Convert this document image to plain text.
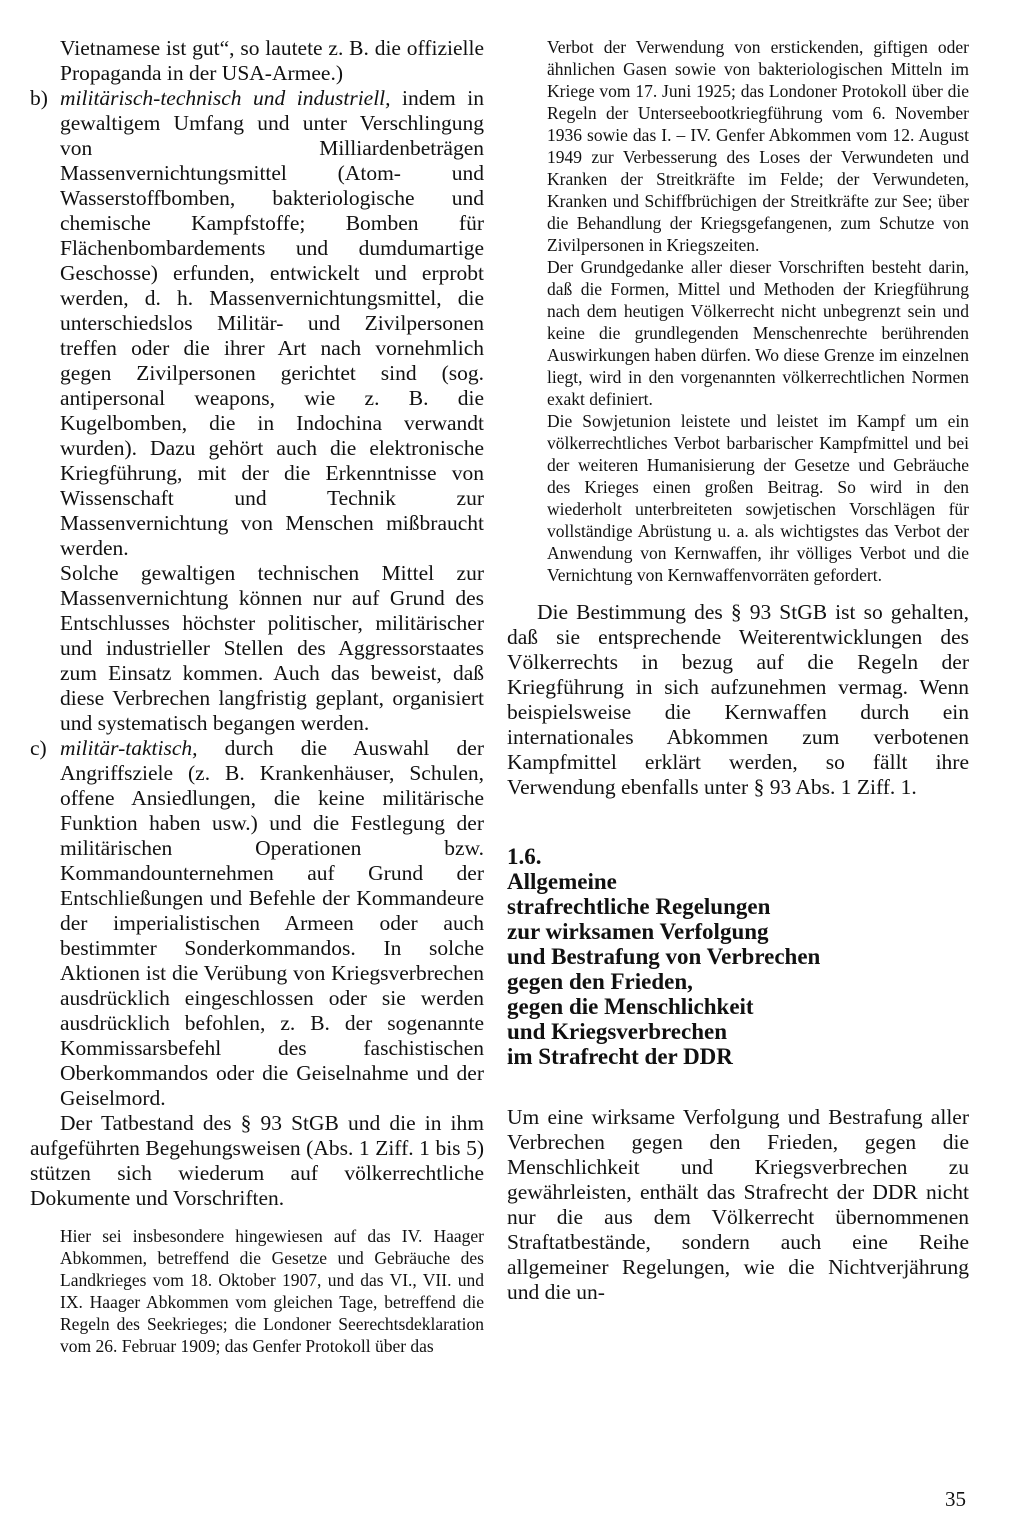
Vietnamese ist gut“, so lautete z. B. die offizielle Propaganda in der USA-Armee.)

b) militärisch-technisch und industriell, indem in gewaltigem Umfang und unter Verschlingung von Milliardenbeträgen Massenvernichtungsmittel (Atom- und Wasserstoffbomben, bakteriologische und chemische Kampfstoffe; Bomben für Flächenbombardements und dumdumartige Geschosse) erfunden, entwickelt und erprobt werden, d. h. Massenvernichtungsmittel, die unterschiedslos Militär- und Zivilpersonen treffen oder die ihrer Art nach vornehmlich gegen Zivilpersonen gerichtet sind (sog. antipersonal weapons, wie z. B. die Kugelbomben, die in Indochina verwandt wurden). Dazu gehört auch die elektronische Kriegführung, mit der die Erkenntnisse von Wissenschaft und Technik zur Massenvernichtung von Menschen mißbraucht werden.

Solche gewaltigen technischen Mittel zur Massenvernichtung können nur auf Grund des Entschlusses höchster politischer, militärischer und industrieller Stellen des Aggressorstaates zum Einsatz kommen. Auch das beweist, daß diese Verbrechen langfristig geplant, organisiert und systematisch begangen werden.

c) militär-taktisch, durch die Auswahl der Angriffsziele (z. B. Krankenhäuser, Schulen, offene Ansiedlungen, die keine militärische Funktion haben usw.) und die Festlegung der militärischen Operationen bzw. Kommandounternehmen auf Grund der Entschließungen und Befehle der Kommandeure der imperialistischen Armeen oder auch bestimmter Sonderkommandos. In solche Aktionen ist die Verübung von Kriegsverbrechen ausdrücklich eingeschlossen oder sie werden ausdrücklich befohlen, z. B. der sogenannte Kommissarsbefehl des faschistischen Oberkommandos oder die Geiselnahme und der Geiselmord.

Der Tatbestand des § 93 StGB und die in ihm aufgeführten Begehungsweisen (Abs. 1 Ziff. 1 bis 5) stützen sich wiederum auf völkerrechtliche Dokumente und Vorschriften.

Hier sei insbesondere hingewiesen auf das IV. Haager Abkommen, betreffend die Gesetze und Gebräuche des Landkrieges vom 18. Oktober 1907, und das VI., VII. und IX. Haager Abkommen vom gleichen Tage, betreffend die Regeln des Seekrieges; die Londoner Seerechtsdeklaration vom 26. Februar 1909; das Genfer Protokoll über das

Verbot der Verwendung von erstickenden, giftigen oder ähnlichen Gasen sowie von bakteriologischen Mitteln im Kriege vom 17. Juni 1925; das Londoner Protokoll über die Regeln der Unterseebootkriegführung vom 6. November 1936 sowie das I. – IV. Genfer Abkommen vom 12. August 1949 zur Verbesserung des Loses der Verwundeten und Kranken der Streitkräfte im Felde; der Verwundeten, Kranken und Schiffbrüchigen der Streitkräfte zur See; über die Behandlung der Kriegsgefangenen, zum Schutze von Zivilpersonen in Kriegszeiten.

Der Grundgedanke aller dieser Vorschriften besteht darin, daß die Formen, Mittel und Methoden der Kriegführung nach dem heutigen Völkerrecht nicht unbegrenzt sein und keine die grundlegenden Menschenrechte berührenden Auswirkungen haben dürfen. Wo diese Grenze im einzelnen liegt, wird in den vorgenannten völkerrechtlichen Normen exakt definiert.

Die Sowjetunion leistete und leistet im Kampf um ein völkerrechtliches Verbot barbarischer Kampfmittel und bei der weiteren Humanisierung der Gesetze und Gebräuche des Krieges einen großen Beitrag. So wird in den wiederholt unterbreiteten sowjetischen Vorschlägen für vollständige Abrüstung u. a. als wichtigstes das Verbot der Anwendung von Kernwaffen, ihr völliges Verbot und die Vernichtung von Kernwaffenvorräten gefordert.

Die Bestimmung des § 93 StGB ist so gehalten, daß sie entsprechende Weiterentwicklungen des Völkerrechts in bezug auf die Regeln der Kriegführung in sich aufzunehmen vermag. Wenn beispielsweise die Kernwaffen durch ein internationales Abkommen zum verbotenen Kampfmittel erklärt werden, so fällt ihre Verwendung ebenfalls unter § 93 Abs. 1 Ziff. 1.

1.6.

Allgemeine

strafrechtliche Regelungen

zur wirksamen Verfolgung

und Bestrafung von Verbrechen

gegen den Frieden,

gegen die Menschlichkeit

und Kriegsverbrechen

im Strafrecht der DDR

Um eine wirksame Verfolgung und Bestrafung aller Verbrechen gegen den Frieden, gegen die Menschlichkeit und Kriegsverbrechen zu gewährleisten, enthält das Strafrecht der DDR nicht nur die aus dem Völkerrecht übernommenen Straftatbestände, sondern auch eine Reihe allgemeiner Regelungen, wie die Nichtverjährung und die un-

35
